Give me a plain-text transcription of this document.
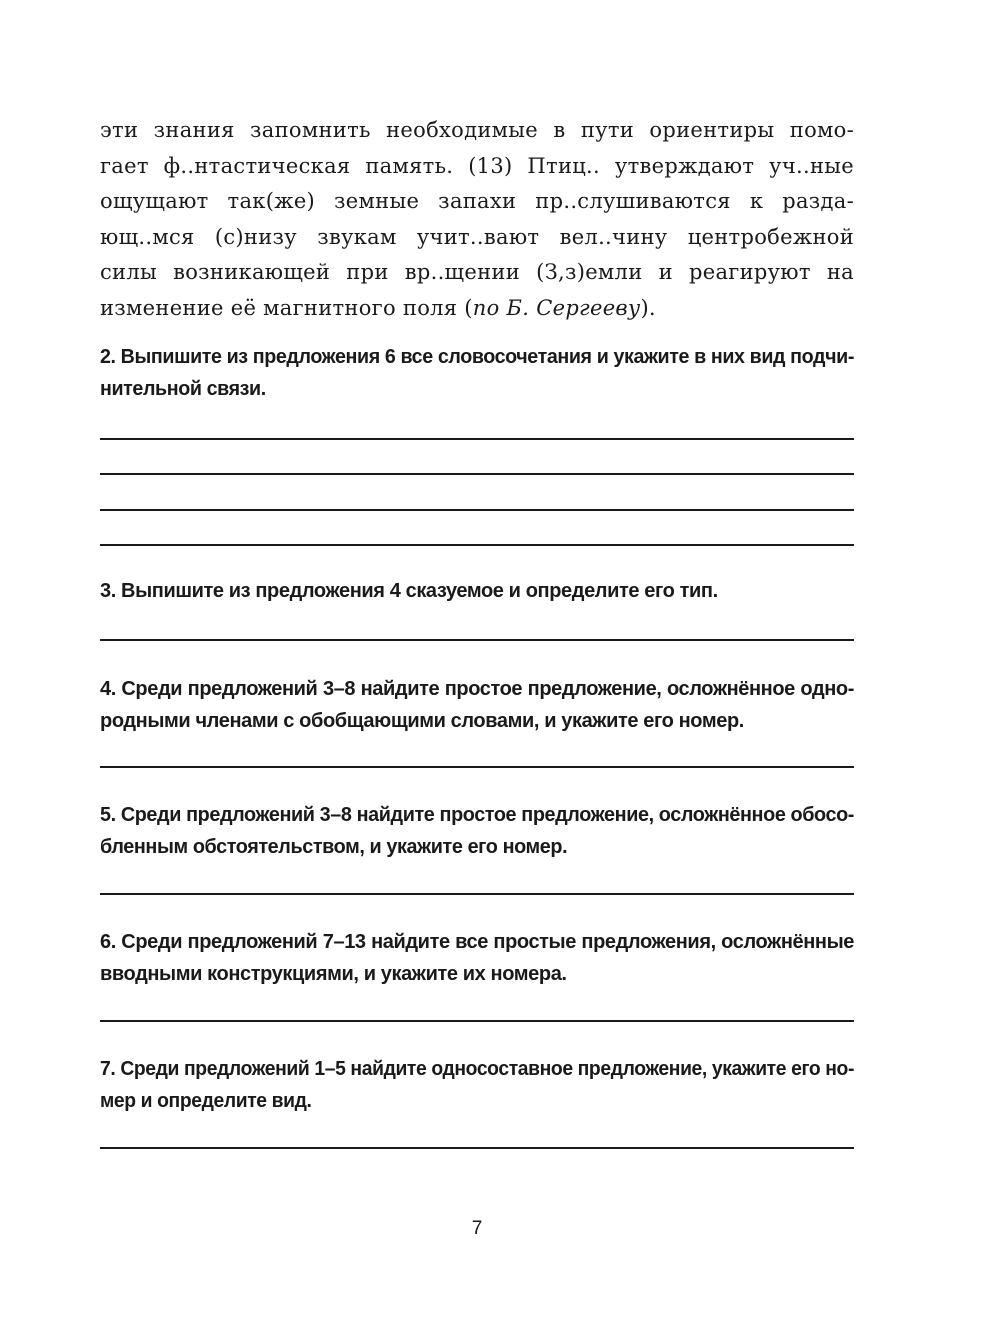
эти знания запомнить необходимые в пути ориентиры помо-
гает ф..нтастическая память. (13) Птиц.. утверждают уч..ные
ощущают так(же) земные запахи пр..слушиваются к разда-
ющ..мся (с)низу звукам учит..вают вел..чину центробежной
силы возникающей при вр..щении (З,з)емли и реагируют на
изменение её магнитного поля (по Б. Сергееву).
2. Выпишите из предложения 6 все словосочетания и укажите в них вид подчи-
нительной связи.
3. Выпишите из предложения 4 сказуемое и определите его тип.
4. Среди предложений 3–8 найдите простое предложение, осложнённое одно-
родными членами с обобщающими словами, и укажите его номер.
5. Среди предложений 3–8 найдите простое предложение, осложнённое обосо-
бленным обстоятельством, и укажите его номер.
6. Среди предложений 7–13 найдите все простые предложения, осложнённые
вводными конструкциями, и укажите их номера.
7. Среди предложений 1–5 найдите односоставное предложение, укажите его но-
мер и определите вид.
7
